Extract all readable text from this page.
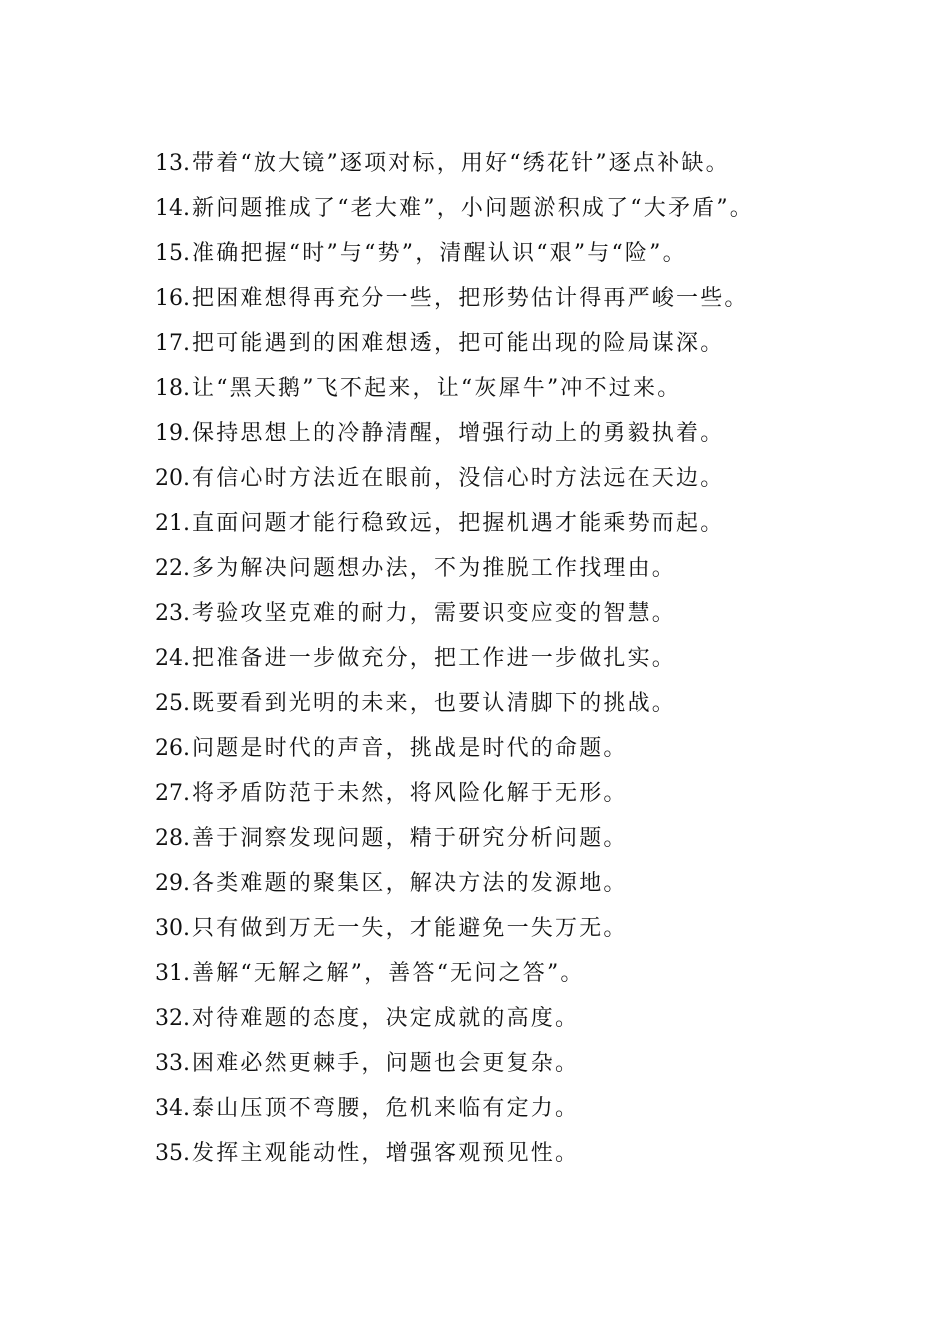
13.带着“放大镜”逐项对标，用好“绣花针”逐点补缺。
14.新问题推成了“老大难”，小问题淤积成了“大矛盾”。
15.准确把握“时”与“势”，清醒认识“艰”与“险”。
16.把困难想得再充分一些，把形势估计得再严峻一些。
17.把可能遇到的困难想透，把可能出现的险局谋深。
18.让“黑天鹅”飞不起来，让“灰犀牛”冲不过来。
19.保持思想上的冷静清醒，增强行动上的勇毅执着。
20.有信心时方法近在眼前，没信心时方法远在天边。
21.直面问题才能行稳致远，把握机遇才能乘势而起。
22.多为解决问题想办法，不为推脱工作找理由。
23.考验攻坚克难的耐力，需要识变应变的智慧。
24.把准备进一步做充分，把工作进一步做扎实。
25.既要看到光明的未来，也要认清脚下的挑战。
26.问题是时代的声音，挑战是时代的命题。
27.将矛盾防范于未然，将风险化解于无形。
28.善于洞察发现问题，精于研究分析问题。
29.各类难题的聚集区，解决方法的发源地。
30.只有做到万无一失，才能避免一失万无。
31.善解“无解之解”，善答“无问之答”。
32.对待难题的态度，决定成就的高度。
33.困难必然更棘手，问题也会更复杂。
34.泰山压顶不弯腰，危机来临有定力。
35.发挥主观能动性，增强客观预见性。
